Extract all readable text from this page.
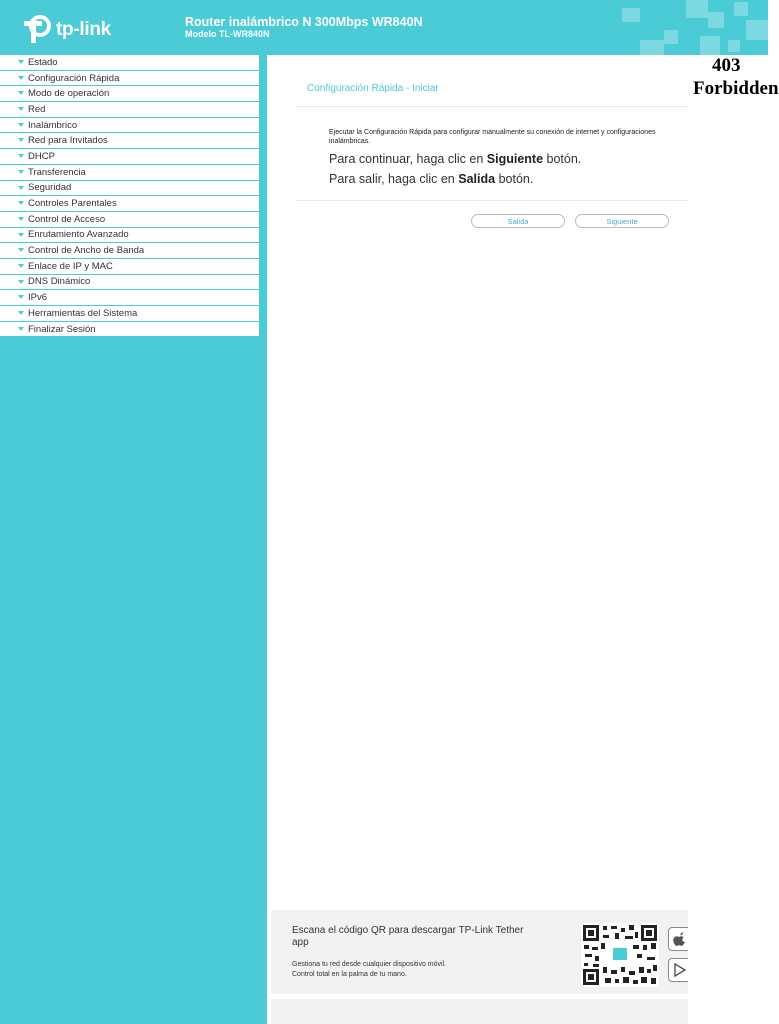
tp-link	Router inalámbrico N 300Mbps WR840N
Modelo TL-WR840N
Estado
Configuración Rápida
Modo de operación
Red
Inalámbrico
Red para Invitados
DHCP
Transferencia
Seguridad
Controles Parentales
Control de Acceso
Enrutamiento Avanzado
Control de Ancho de Banda
Enlace de IP y MAC
DNS Dinámico
IPv6
Herramientas del Sistema
Finalizar Sesión
Configuración Rápida - Iniciar
Ejecutar la Configuración Rápida para configurar manualmente su conexión de internet y configuraciones inalámbricas.
Para continuar, haga clic en Siguiente botón.
Para salir, haga clic en Salida botón.
Salida	Siguiente
Escana el código QR para descargar TP-Link Tether app
Gestiona tu red desde cualquier dispositivo móvil.
Control total en la palma de tu mano.
403
Forbidden
